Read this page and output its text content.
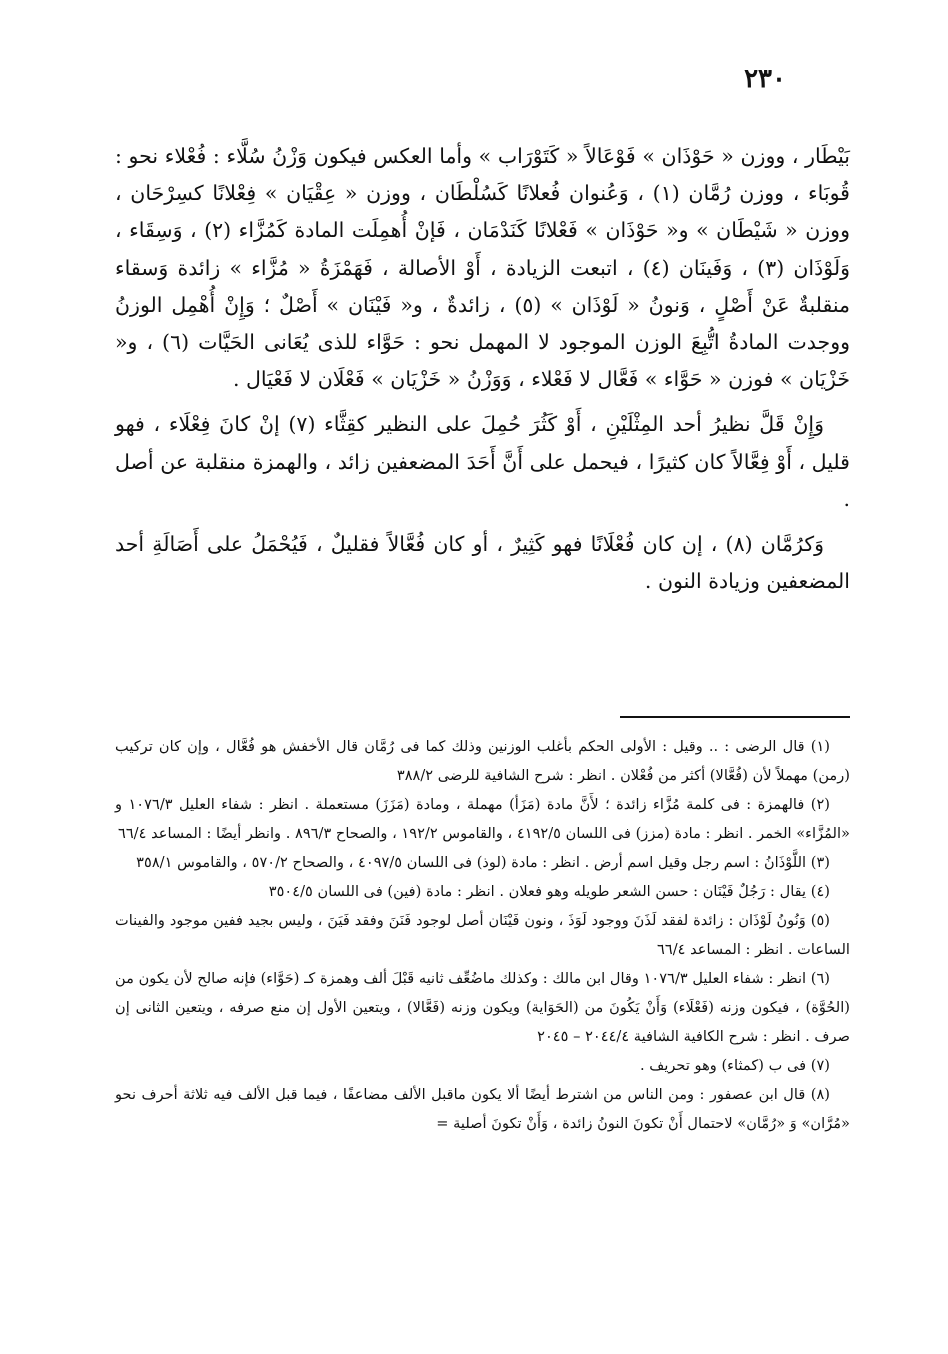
٢٣٠

بَيْطَار ، ووزن « حَوْذَان » فَوْعَالاً « كَتَوْرَاب » وأما العكس فيكون وَزْنُ سُلَّاء : فُعْلاء نحو : قُوبَاء ، ووزن رُمَّان (١) ، وَعُنوان فُعلانًا كَسُلْطَان ، ووزن « عِقْيَان » فِعْلانًا كسِرْحَان ، ووزن « شَيْطَان » و« حَوْذَان » فَعْلانًا كَنَدْمَان ، فَإنْ أُهمِلَت المادة كَمُزَّاء (٢) ، وَسِقَاء ، وَلَوْذَان (٣) ، وَفَينَان (٤) ، اتبعت الزيادة ، أَوْ الأصالة ، فَهَمْزَةُ « مُزَّاء » زائدة وَسقاء منقلبةٌ عَنْ أَصْلٍ ، وَنونُ « لَوْذَان » (٥) ، زائدةٌ ، و« فَيْنَان » أَصْلٌ ؛ وَإِنْ أُهْمِل الوزنُ ووجدت المادةُ اتُّبِعَ الوزن الموجود لا المهمل نحو : حَوَّاء للذى يُعَانى الحَيَّات (٦) ، و« خَزْيَان » فوزن « حَوَّاء » فَعَّال لا فَعْلاء ، وَوَزْنُ « خَزْيَان » فَعْلَان لا فَعْيَال .

وَإِنْ قَلَّ نظيرُ أحد المِثْلَيْنِ ، أَوْ كَثُرَ حُمِلَ على النظير كقِثَّاء (٧) إنْ كانَ فِعْلَاء ، فهو قليل ، أَوْ فِعَّالاً كان كثيرًا ، فيحمل على أَنَّ أَحَدَ المضعفين زائد ، والهمزة منقلبة عن أصل .

وَكرُمَّان (٨) ، إن كان فُعْلَانًا فهو كَثِيرٌ ، أو كان فُعَّالاً فقليلٌ ، فَيُحْمَلُ على أَصَالَةِ أحد المضعفين وزيادة النون .

(١) قال الرضى : .. وقيل : الأولى الحكم بأغلب الوزنين وذلك كما فى رُمَّان قال الأخفش هو فُعَّال ، وإن كان تركيب (رمن) مهملاً لأن (فُعَّالا) أكثر من فُعْلان . انظر : شرح الشافية للرضى ٣٨٨/٢

(٢) فالهمزة : فى كلمة مُزَّاء زائدة ؛ لأَنَّ مادة (مَزَأ) مهملة ، ومادة (مَزَزَ) مستعملة . انظر : شفاء العليل ١٠٧٦/٣ و «المُزَّاء» الخمر . انظر : مادة (مزز) فى اللسان ٤١٩٢/٥ ، والقاموس ١٩٢/٢ ، والصحاح ٨٩٦/٣ . وانظر أيضًا : المساعد ٦٦/٤

(٣) اللَّوْذَانُ : اسم رجل وقيل اسم أرض . انظر : مادة (لوذ) فى اللسان ٤٠٩٧/٥ ، والصحاح ٥٧٠/٢ ، والقاموس ٣٥٨/١

(٤) يقال : رَجُلٌ فَيْنَان : حسن الشعر طويله وهو فعلان . انظر : مادة (فين) فى اللسان ٣٥٠٤/٥

(٥) وَنُونُ لَوْذَان : زائدة لفقد لَذَنَ ووجود لَوَذَ ، ونون فَيْنَان أصل لوجود فَنَنَ وفقد فَيَنَ ، وليس بجيد ففين موجود والفينات الساعات . انظر : المساعد ٦٦/٤

(٦) انظر : شفاء العليل ١٠٧٦/٣ وقال ابن مالك : وكذلك ماضُعِّف ثانيه قَبْلَ ألف وهمزة كـ (حَوَّاء) فإنه صالح لأن يكون من (الحُوَّة) ، فيكون وزنه (فَعْلَاء) وَأَنْ يَكُونَ من (الحَوَاية) ويكون وزنه (فَعَّالا) ، ويتعين الأول إن منع صرفه ، ويتعين الثانى إن صرف . انظر : شرح الكافية الشافية ٢٠٤٤/٤ – ٢٠٤٥

(٧) فى ب (كمثاء) وهو تحريف .

(٨) قال ابن عصفور : ومن الناس من اشترط أيضًا ألا يكون ماقبل الألف مضاعفًا ، فيما قبل الألف فيه ثلاثة أحرف نحو «مُرَّان» وَ «رُمَّان» لاحتمال أَنْ تكونَ النونُ زائدة ، وَأَنْ تكونَ أصلية =
